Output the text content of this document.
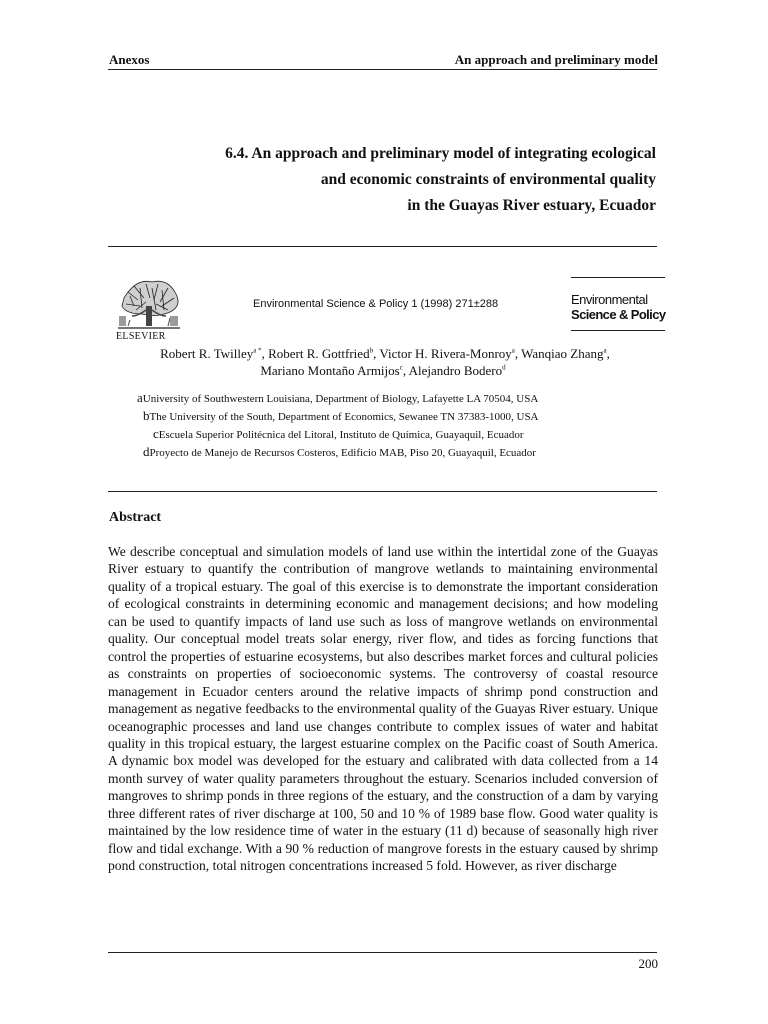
Anexos	An approach and preliminary model
6.4. An approach and preliminary model of integrating ecological
and economic constraints of environmental quality
in the Guayas River estuary, Ecuador
ELSEVIER
Environmental Science & Policy 1 (1998) 271±288	Environmental
Science & Policy
Robert R. Twilley$^{a *}$, Robert R. Gottfried$^b$, Victor H. Rivera-Monroy$^a$, Wanqiao Zhang$^a$,
Mariano Montaño Armijos$^c$, Alejandro Bodero$^d$
aUniversity of Southwestern Louisiana, Department of Biology, Lafayette LA 70504, USA
bThe University of the South, Department of Economics, Sewanee TN 37383-1000, USA
cEscuela Superior Politécnica del Litoral, Instituto de Química, Guayaquil, Ecuador
dProyecto de Manejo de Recursos Costeros, Edificio MAB, Piso 20, Guayaquil, Ecuador
Abstract
We describe conceptual and simulation models of land use within the intertidal zone of the Guayas River estuary to quantify the contribution of mangrove wetlands to maintaining environmental quality of a tropical estuary. The goal of this exercise is to demonstrate the important consideration of ecological constraints in determining economic and management decisions; and how modeling can be used to quantify impacts of land use such as loss of mangrove wetlands on environmental quality. Our conceptual model treats solar energy, river flow, and tides as forcing functions that control the properties of estuarine ecosystems, but also describes market forces and cultural policies as constraints on properties of socioeconomic systems. The controversy of coastal resource management in Ecuador centers around the relative impacts of shrimp pond construction and management as negative feedbacks to the environmental quality of the Guayas River estuary. Unique oceanographic processes and land use changes contribute to complex issues of water and habitat quality in this tropical estuary, the largest estuarine complex on the Pacific coast of South America. A dynamic box model was developed for the estuary and calibrated with data collected from a 14 month survey of water quality parameters throughout the estuary. Scenarios included conversion of mangroves to shrimp ponds in three regions of the estuary, and the construction of a dam by varying three different rates of river discharge at 100, 50 and 10 % of 1989 base flow. Good water quality is maintained by the low residence time of water in the estuary (11 d) because of seasonally high river flow and tidal exchange. With a 90 % reduction of mangrove forests in the estuary caused by shrimp pond construction, total nitrogen concentrations increased 5 fold. However, as river discharge
200
